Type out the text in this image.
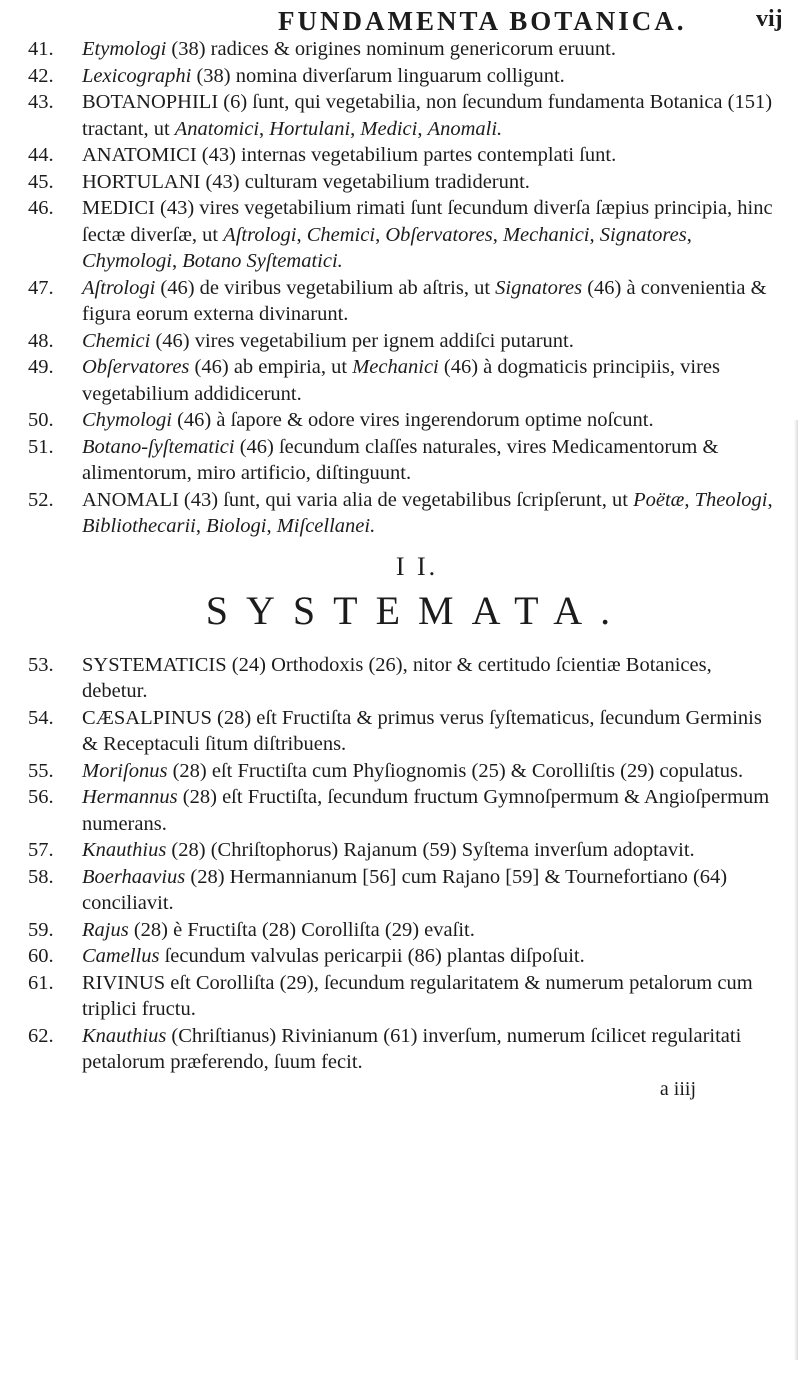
FUNDAMENTA BOTANICA.	vij

41.	Etymologi (38) radices & origines nominum genericorum eruunt.

42.	Lexicographi (38) nomina diverſarum linguarum colligunt.

43.	BOTANOPHILI (6) ſunt, qui vegetabilia, non ſecundum fundamenta Botanica (151) tractant, ut Anatomici, Hortulani, Medici, Anomali.

44.	ANATOMICI (43) internas vegetabilium partes contemplati ſunt.

45.	HORTULANI (43) culturam vegetabilium tradiderunt.

46.	MEDICI (43) vires vegetabilium rimati ſunt ſecundum diverſa ſæpius principia, hinc ſectæ diverſæ, ut Aſtrologi, Chemici, Obſervatores, Mechanici, Signatores, Chymologi, Botano Syſtematici.

47.	Aſtrologi (46) de viribus vegetabilium ab aſtris, ut Signatores (46) à convenientia & figura eorum externa divinarunt.

48.	Chemici (46) vires vegetabilium per ignem addiſci putarunt.

49.	Obſervatores (46) ab empiria, ut Mechanici (46) à dogmaticis principiis, vires vegetabilium addidicerunt.

50.	Chymologi (46) à ſapore & odore vires ingerendorum optime noſcunt.

51.	Botano-ſyſtematici (46) ſecundum claſſes naturales, vires Medicamentorum & alimentorum, miro artificio, diſtinguunt.

52.	ANOMALI (43) ſunt, qui varia alia de vegetabilibus ſcripſerunt, ut Poëtæ, Theologi, Bibliothecarii, Biologi, Miſcellanei.

I I.
SYSTEMATA.

53.	SYSTEMATICIS (24) Orthodoxis (26), nitor & certitudo ſcientiæ Botanices, debetur.

54.	CÆSALPINUS (28) eſt Fructiſta & primus verus ſyſtematicus, ſecundum Germinis & Receptaculi ſitum diſtribuens.

55.	Moriſonus (28) eſt Fructiſta cum Phyſiognomis (25) & Corolliſtis (29) copulatus.

56.	Hermannus (28) eſt Fructiſta, ſecundum fructum Gymnoſpermum & Angioſpermum numerans.

57.	Knauthius (28) (Chriſtophorus) Rajanum (59) Syſtema inverſum adoptavit.

58.	Boerhaavius (28) Hermannianum [56] cum Rajano [59] & Tournefortiano (64) conciliavit.

59.	Rajus (28) è Fructiſta (28) Corolliſta (29) evaſit.

60.	Camellus ſecundum valvulas pericarpii (86) plantas diſpoſuit.

61.	RIVINUS eſt Corolliſta (29), ſecundum regularitatem & numerum petalorum cum triplici fructu.

62.	Knauthius (Chriſtianus) Rivinianum (61) inverſum, numerum ſcilicet regularitati petalorum præferendo, ſuum fecit.

a iiij
